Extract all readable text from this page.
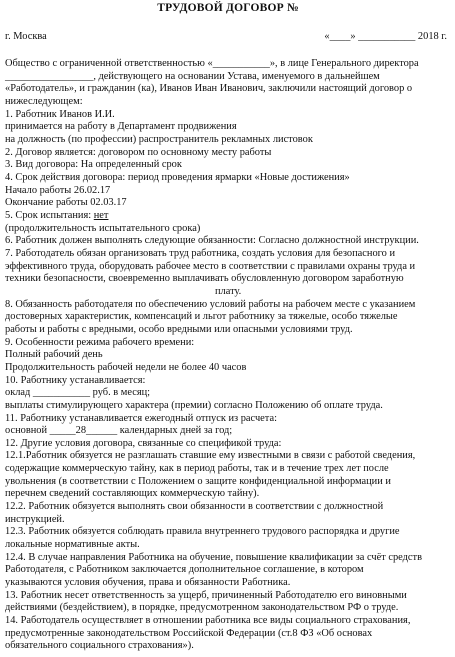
ТРУДОВОЙ ДОГОВОР №
г. Москва	«____» ___________ 2018 г.
Общество с ограниченной ответственностью «___________», в лице Генерального директора
_________________, действующего на основании Устава, именуемого в дальнейшем
«Работодатель», и гражданин (ка), Иванов Иван Иванович, заключили настоящий договор о
нижеследующем:
1. Работник Иванов И.И.
принимается на работу в Департамент продвижения
на должность (по профессии) распространитель рекламных листовок
2. Договор является: договором по основному месту работы
3. Вид договора: На определенный срок
4. Срок действия договора: период проведения ярмарки «Новые достижения»
Начало работы 26.02.17
Окончание работы 02.03.17
5. Срок испытания: нет
(продолжительность испытательного срока)
6. Работник должен выполнять следующие обязанности: Согласно должностной инструкции.
7. Работодатель обязан организовать труд работника, создать условия для безопасного и
эффективного труда, оборудовать рабочее место в соответствии с правилами охраны труда и
техники безопасности, своевременно выплачивать обусловленную договором заработную
плату.
8. Обязанность работодателя по обеспечению условий работы на рабочем месте с указанием
достоверных характеристик, компенсаций и льгот работнику за тяжелые, особо тяжелые
работы и работы с вредными, особо вредными или опасными условиями труд.
9. Особенности режима рабочего времени:
Полный рабочий день
Продолжительность рабочей недели не более 40 часов
10. Работнику устанавливается:
оклад ___________ руб. в месяц;
выплаты стимулирующего характера (премии) согласно Положению об оплате труда.
11. Работнику устанавливается ежегодный отпуск из расчета:
основной _____28______ календарных дней за год;
12. Другие условия договора, связанные со спецификой труда:
12.1.Работник обязуется не разглашать ставшие ему известными в связи с работой сведения,
содержащие коммерческую тайну, как в период работы, так и в течение трех лет после
увольнения (в соответствии с Положением о защите конфиденциальной информации и
перечнем сведений составляющих коммерческую тайну).
12.2. Работник обязуется выполнять свои обязанности в соответствии с должностной
инструкцией.
12.3. Работник обязуется соблюдать правила внутреннего трудового распорядка и другие
локальные нормативные акты.
12.4. В случае направления Работника на обучение, повышение квалификации за счёт средств
Работодателя, с Работником заключается дополнительное соглашение, в котором
указываются условия обучения, права и обязанности Работника.
13. Работник несет ответственность за ущерб, причиненный Работодателю его виновными
действиями (бездействием), в порядке, предусмотренном законодательством РФ о труде.
14. Работодатель осуществляет в отношении работника все виды социального страхования,
предусмотренные законодательством Российской Федерации (ст.8 ФЗ «Об основах
обязательного социального страхования»).
